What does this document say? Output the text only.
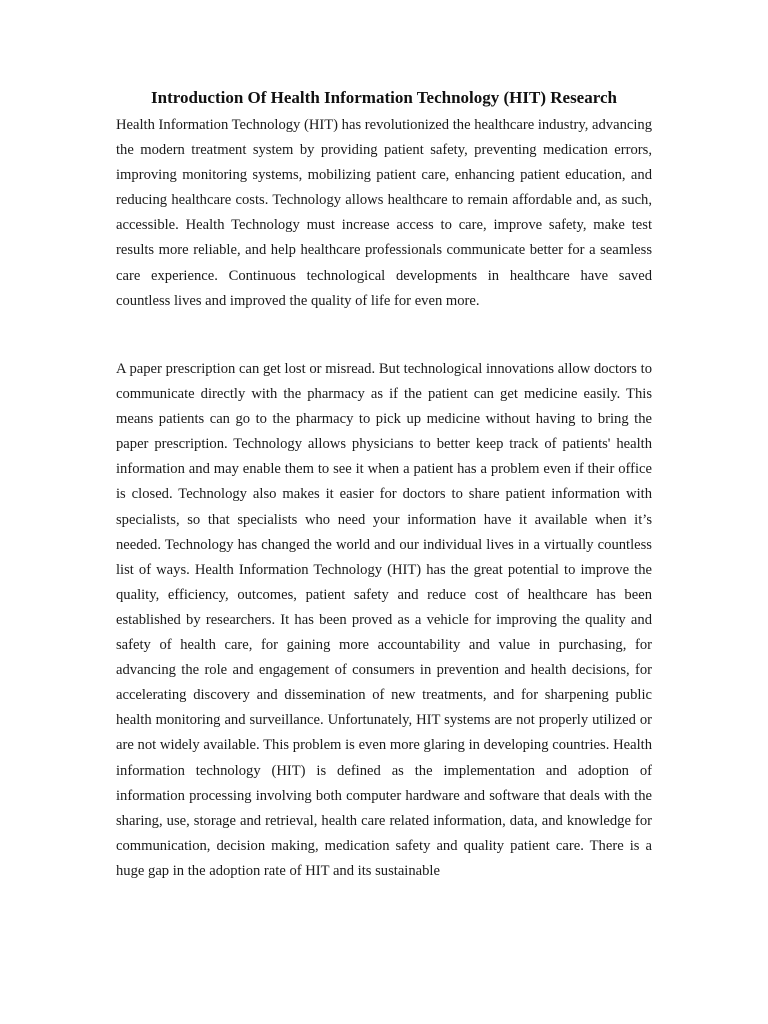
Introduction Of Health Information Technology (HIT) Research

Health Information Technology (HIT) has revolutionized the healthcare industry, advancing the modern treatment system by providing patient safety, preventing medication errors, improving monitoring systems, mobilizing patient care, enhancing patient education, and reducing healthcare costs. Technology allows healthcare to remain affordable and, as such, accessible. Health Technology must increase access to care, improve safety, make test results more reliable, and help healthcare professionals communicate better for a seamless care experience. Continuous technological developments in healthcare have saved countless lives and improved the quality of life for even more.

A paper prescription can get lost or misread. But technological innovations allow doctors to communicate directly with the pharmacy as if the patient can get medicine easily. This means patients can go to the pharmacy to pick up medicine without having to bring the paper prescription. Technology allows physicians to better keep track of patients' health information and may enable them to see it when a patient has a problem even if their office is closed. Technology also makes it easier for doctors to share patient information with specialists, so that specialists who need your information have it available when it’s needed. Technology has changed the world and our individual lives in a virtually countless list of ways. Health Information Technology (HIT) has the great potential to improve the quality, efficiency, outcomes, patient safety and reduce cost of healthcare has been established by researchers. It has been proved as a vehicle for improving the quality and safety of health care, for gaining more accountability and value in purchasing, for advancing the role and engagement of consumers in prevention and health decisions, for accelerating discovery and dissemination of new treatments, and for sharpening public health monitoring and surveillance. Unfortunately, HIT systems are not properly utilized or are not widely available. This problem is even more glaring in developing countries. Health information technology (HIT) is defined as the implementation and adoption of information processing involving both computer hardware and software that deals with the sharing, use, storage and retrieval, health care related information, data, and knowledge for communication, decision making, medication safety and quality patient care. There is a huge gap in the adoption rate of HIT and its sustainable
